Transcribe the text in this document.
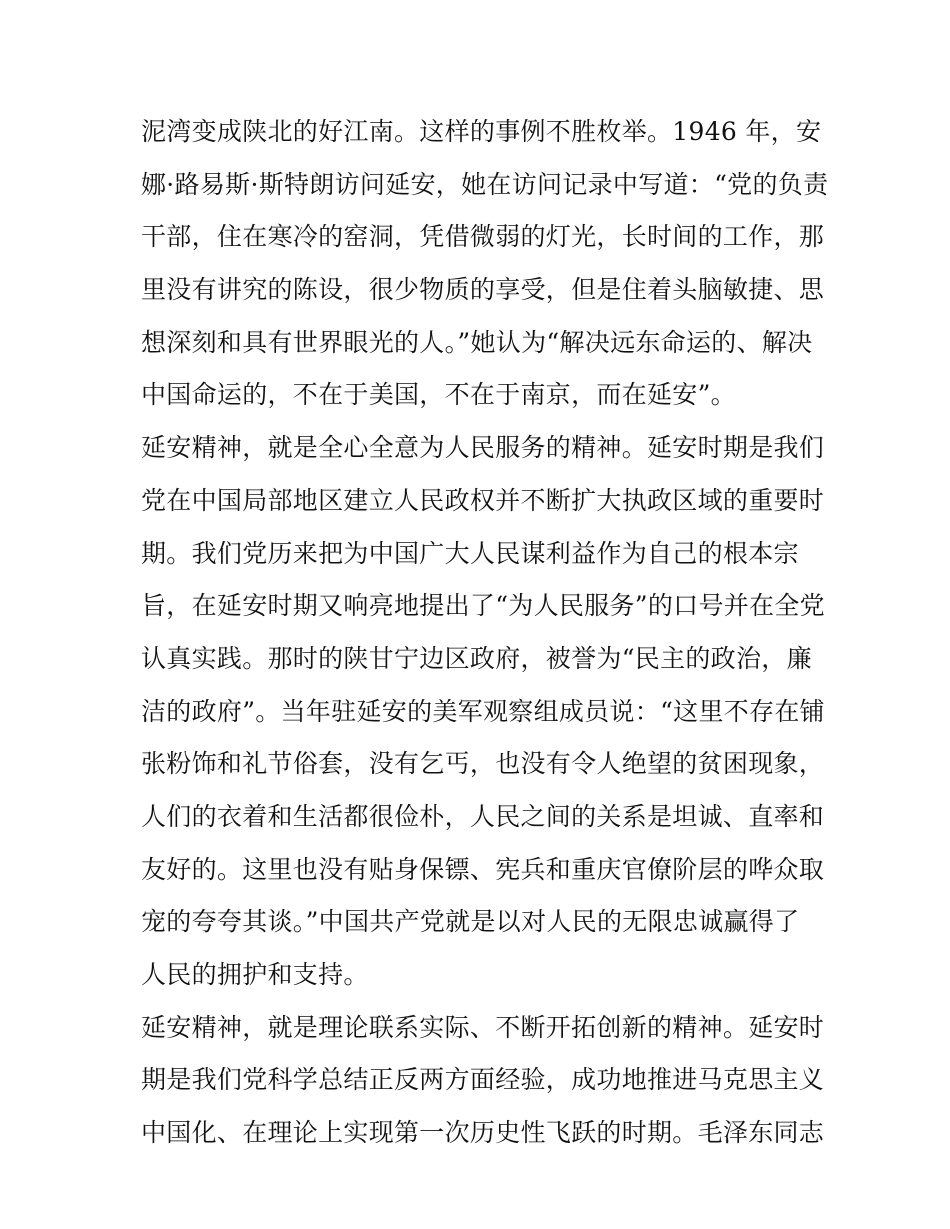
泥湾变成陕北的好江南。这样的事例不胜枚举。1946 年，安
娜·路易斯·斯特朗访问延安，她在访问记录中写道：“党的负责
干部，住在寒冷的窑洞，凭借微弱的灯光，长时间的工作，那
里没有讲究的陈设，很少物质的享受，但是住着头脑敏捷、思
想深刻和具有世界眼光的人。”她认为“解决远东命运的、解决
中国命运的，不在于美国，不在于南京，而在延安”。
延安精神，就是全心全意为人民服务的精神。延安时期是我们
党在中国局部地区建立人民政权并不断扩大执政区域的重要时
期。我们党历来把为中国广大人民谋利益作为自己的根本宗
旨，在延安时期又响亮地提出了“为人民服务”的口号并在全党
认真实践。那时的陕甘宁边区政府，被誉为“民主的政治，廉
洁的政府”。当年驻延安的美军观察组成员说：“这里不存在铺
张粉饰和礼节俗套，没有乞丐，也没有令人绝望的贫困现象，
人们的衣着和生活都很俭朴，人民之间的关系是坦诚、直率和
友好的。这里也没有贴身保镖、宪兵和重庆官僚阶层的哗众取
宠的夸夸其谈。”中国共产党就是以对人民的无限忠诚赢得了
人民的拥护和支持。
延安精神，就是理论联系实际、不断开拓创新的精神。延安时
期是我们党科学总结正反两方面经验，成功地推进马克思主义
中国化、在理论上实现第一次历史性飞跃的时期。毛泽东同志
